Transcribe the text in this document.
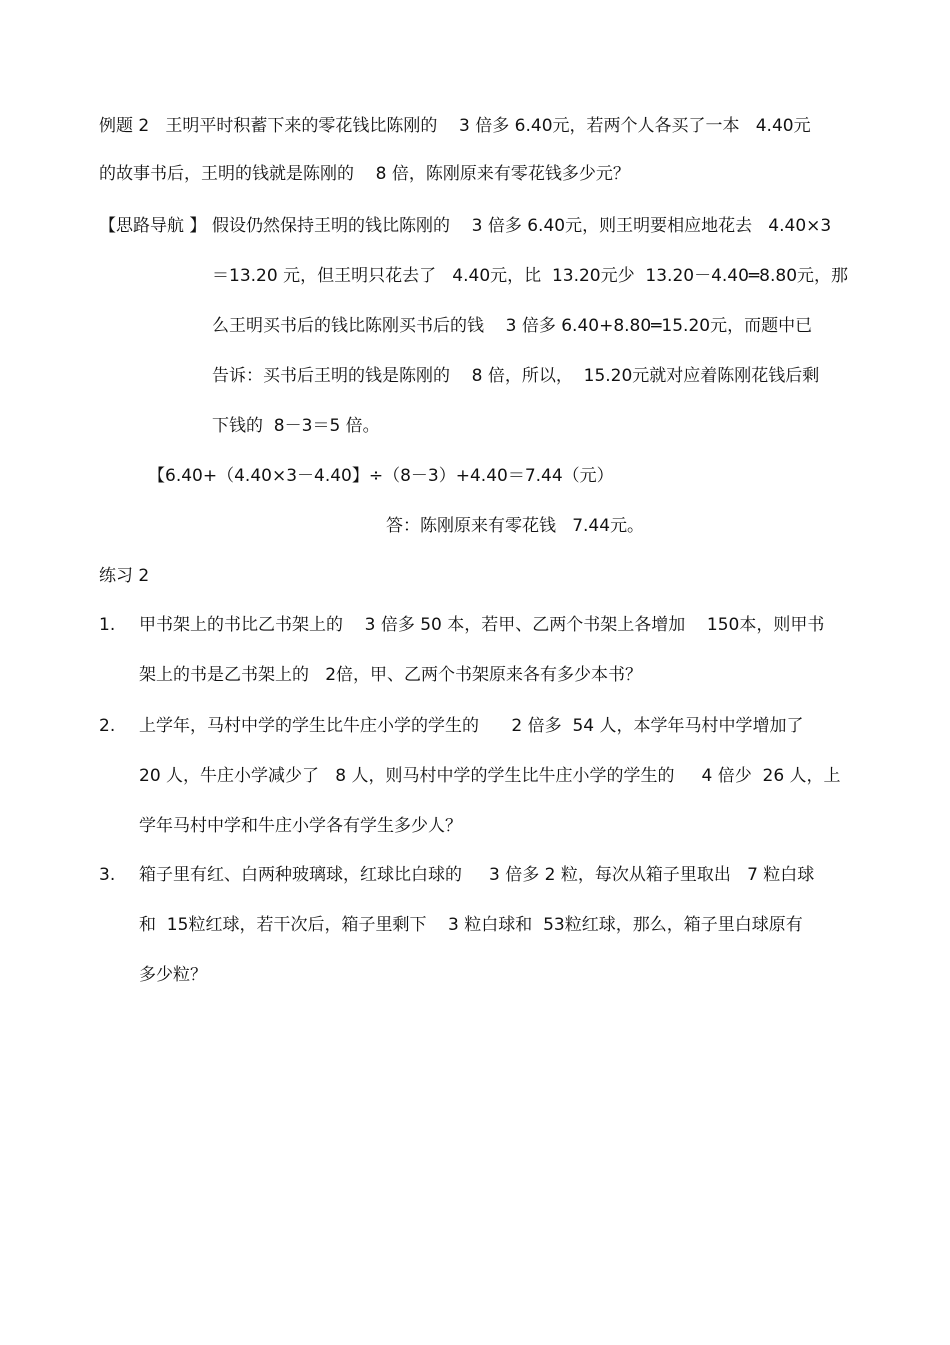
例题 2   王明平时积蓄下来的零花钱比陈刚的    3 倍多 6.40元，若两个人各买了一本   4.40元
的故事书后，王明的钱就是陈刚的    8 倍，陈刚原来有零花钱多少元？
【思路导航 】 假设仍然保持王明的钱比陈刚的    3 倍多 6.40元，则王明要相应地花去   4.40×3
＝13.20 元，但王明只花去了   4.40元，比  13.20元少  13.20－4.40═8.80元，那
么王明买书后的钱比陈刚买书后的钱    3 倍多 6.40+8.80═15.20元，而题中已
告诉：买书后王明的钱是陈刚的    8 倍，所以，  15.20元就对应着陈刚花钱后剩
下钱的  8－3＝5 倍。
【6.40+（4.40×3－4.40】÷（8－3）+4.40＝7.44（元）
答：陈刚原来有零花钱   7.44元。
练习 2
1. 甲书架上的书比乙书架上的    3 倍多 50 本，若甲、乙两个书架上各增加    150本，则甲书
架上的书是乙书架上的   2倍，甲、乙两个书架原来各有多少本书？
2. 上学年，马村中学的学生比牛庄小学的学生的      2 倍多  54 人，本学年马村中学增加了
20 人，牛庄小学减少了   8 人，则马村中学的学生比牛庄小学的学生的     4 倍少  26 人，上
学年马村中学和牛庄小学各有学生多少人？
3. 箱子里有红、白两种玻璃球，红球比白球的     3 倍多 2 粒，每次从箱子里取出   7 粒白球
和  15粒红球，若干次后，箱子里剩下    3 粒白球和  53粒红球，那么，箱子里白球原有
多少粒？
